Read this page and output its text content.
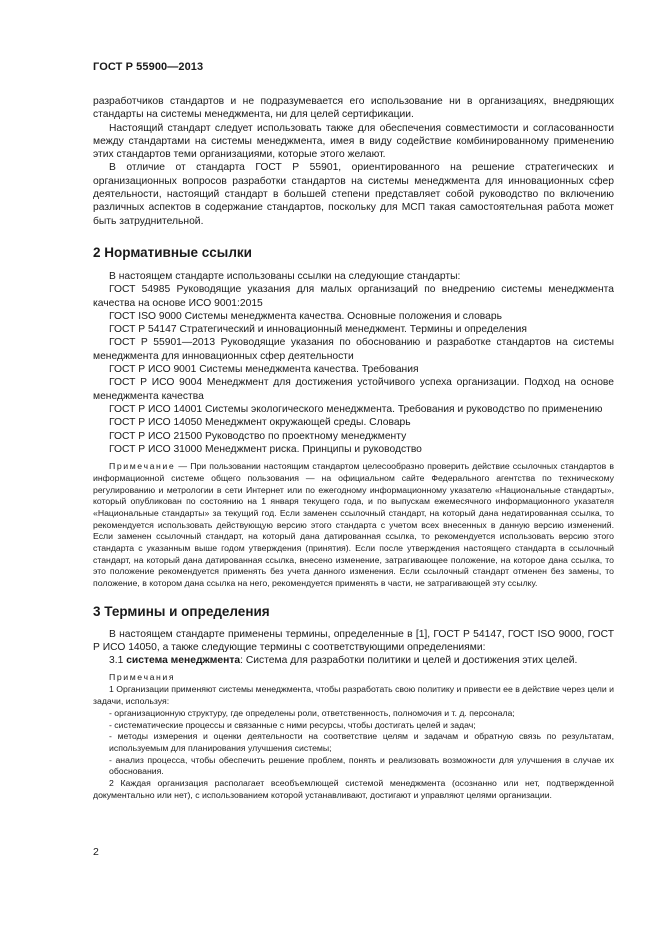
ГОСТ Р 55900—2013

разработчиков стандартов и не подразумевается его использование ни в организациях, внедряющих стандарты на системы менеджмента, ни для целей сертификации.

Настоящий стандарт следует использовать также для обеспечения совместимости и согласованности между стандартами на системы менеджмента, имея в виду содействие комбинированному применению этих стандартов теми организациями, которые этого желают.

В отличие от стандарта ГОСТ Р 55901, ориентированного на решение стратегических и организационных вопросов разработки стандартов на системы менеджмента для инновационных сфер деятельности, настоящий стандарт в большей степени представляет собой руководство по включению различных аспектов в содержание стандартов, поскольку для МСП такая самостоятельная работа может быть затруднительной.

2 Нормативные ссылки

В настоящем стандарте использованы ссылки на следующие стандарты:

ГОСТ 54985 Руководящие указания для малых организаций по внедрению системы менеджмента качества на основе ИСО 9001:2015

ГОСТ ISO 9000 Системы менеджмента качества. Основные положения и словарь

ГОСТ Р 54147 Стратегический и инновационный менеджмент. Термины и определения

ГОСТ Р 55901—2013 Руководящие указания по обоснованию и разработке стандартов на системы менеджмента для инновационных сфер деятельности

ГОСТ Р ИСО 9001 Системы менеджмента качества. Требования

ГОСТ Р ИСО 9004 Менеджмент для достижения устойчивого успеха организации. Подход на основе менеджмента качества

ГОСТ Р ИСО 14001 Системы экологического менеджмента. Требования и руководство по применению

ГОСТ Р ИСО 14050 Менеджмент окружающей среды. Словарь

ГОСТ Р ИСО 21500 Руководство по проектному менеджменту

ГОСТ Р ИСО 31000 Менеджмент риска. Принципы и руководство

Примечание — При пользовании настоящим стандартом целесообразно проверить действие ссылочных стандартов в информационной системе общего пользования — на официальном сайте Федерального агентства по техническому регулированию и метрологии в сети Интернет или по ежегодному информационному указателю «Национальные стандарты», который опубликован по состоянию на 1 января текущего года, и по выпускам ежемесячного информационного указателя «Национальные стандарты» за текущий год. Если заменен ссылочный стандарт, на который дана недатированная ссылка, то рекомендуется использовать действующую версию этого стандарта с учетом всех внесенных в данную версию изменений. Если заменен ссылочный стандарт, на который дана датированная ссылка, то рекомендуется использовать версию этого стандарта с указанным выше годом утверждения (принятия). Если после утверждения настоящего стандарта в ссылочный стандарт, на который дана датированная ссылка, внесено изменение, затрагивающее положение, на которое дана ссылка, то это положение рекомендуется применять без учета данного изменения. Если ссылочный стандарт отменен без замены, то положение, в котором дана ссылка на него, рекомендуется применять в части, не затрагивающей эту ссылку.

3 Термины и определения

В настоящем стандарте применены термины, определенные в [1], ГОСТ Р 54147, ГОСТ ISO 9000, ГОСТ Р ИСО 14050, а также следующие термины с соответствующими определениями:

3.1 система менеджмента: Система для разработки политики и целей и достижения этих целей.

Примечания

1 Организации применяют системы менеджмента, чтобы разработать свою политику и привести ее в действие через цели и задачи, используя:

- организационную структуру, где определены роли, ответственность, полномочия и т. д. персонала;

- систематические процессы и связанные с ними ресурсы, чтобы достигать целей и задач;

- методы измерения и оценки деятельности на соответствие целям и задачам и обратную связь по результатам, используемым для планирования улучшения системы;

- анализ процесса, чтобы обеспечить решение проблем, понять и реализовать возможности для улучшения в случае их обоснования.

2 Каждая организация располагает всеобъемлющей системой менеджмента (осознанно или нет, подтвержденной документально или нет), с использованием которой устанавливают, достигают и управляют целями организации.

2
